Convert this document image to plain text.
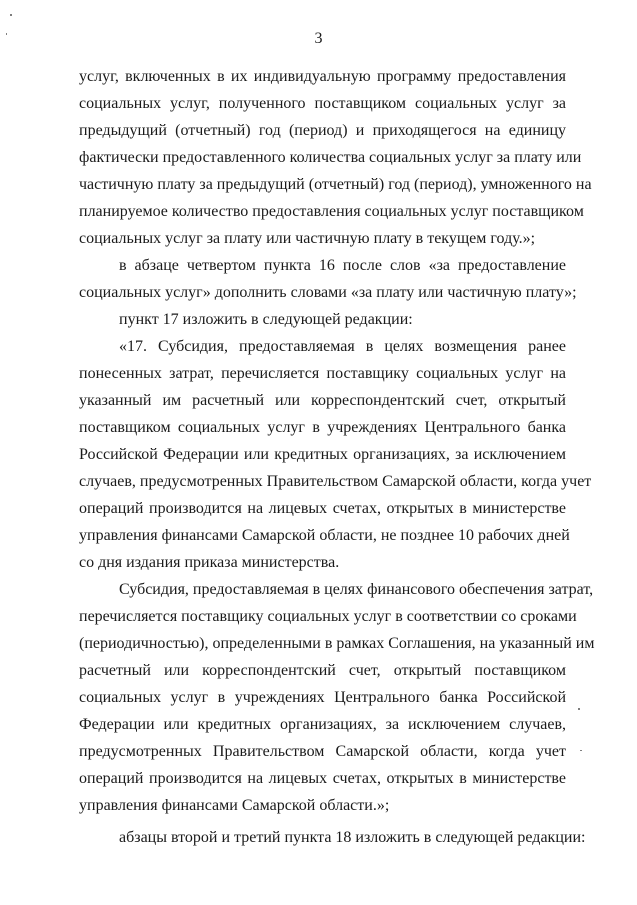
3
услуг, включенных в их индивидуальную программу предоставления
социальных услуг, полученного поставщиком социальных услуг за
предыдущий (отчетный) год (период) и приходящегося на единицу
фактически предоставленного количества социальных услуг за плату или
частичную плату за предыдущий (отчетный) год (период), умноженного на
планируемое количество предоставления социальных услуг поставщиком
социальных услуг за плату или частичную плату в текущем году.»;
в абзаце четвертом пункта 16 после слов «за предоставление
социальных услуг» дополнить словами «за плату или частичную плату»;
пункт 17 изложить в следующей редакции:
«17. Субсидия, предоставляемая в целях возмещения ранее
понесенных затрат, перечисляется поставщику социальных услуг на
указанный им расчетный или корреспондентский счет, открытый
поставщиком социальных услуг в учреждениях Центрального банка
Российской Федерации или кредитных организациях, за исключением
случаев, предусмотренных Правительством Самарской области, когда учет
операций производится на лицевых счетах, открытых в министерстве
управления финансами Самарской области, не позднее 10 рабочих дней
со дня издания приказа министерства.
Субсидия, предоставляемая в целях финансового обеспечения затрат,
перечисляется поставщику социальных услуг в соответствии со сроками
(периодичностью), определенными в рамках Соглашения, на указанный им
расчетный или корреспондентский счет, открытый поставщиком
социальных услуг в учреждениях Центрального банка Российской
Федерации или кредитных организациях, за исключением случаев,
предусмотренных Правительством Самарской области, когда учет
операций производится на лицевых счетах, открытых в министерстве
управления финансами Самарской области.»;
абзацы второй и третий пункта 18 изложить в следующей редакции:
